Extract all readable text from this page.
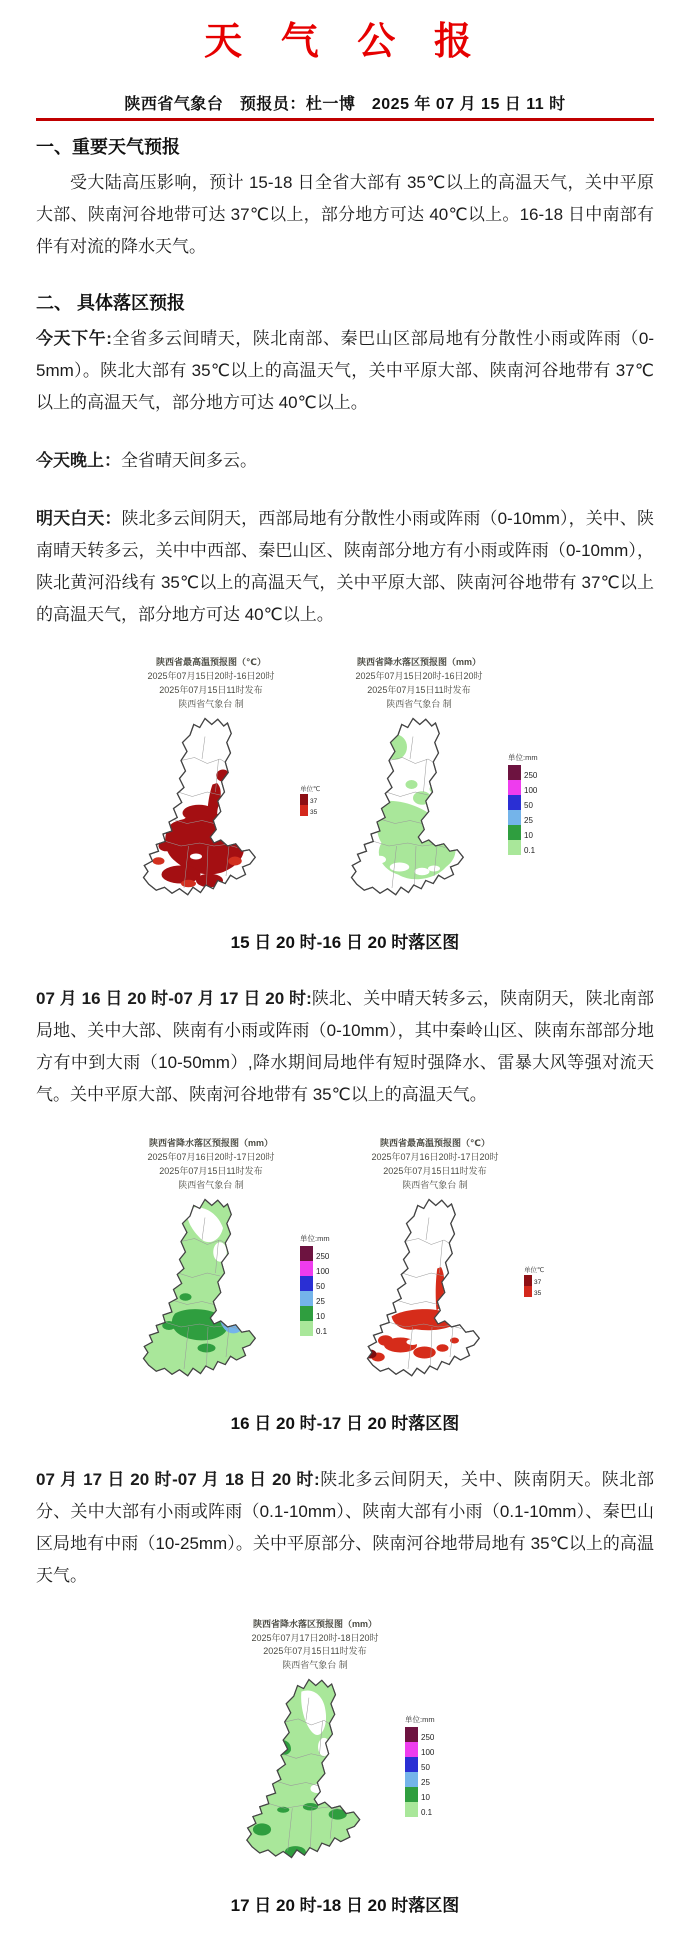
天 气 公 报

陕西省气象台　预报员：杜一博　2025 年 07 月 15 日 11 时

一、重要天气预报

受大陆高压影响，预计 15-18 日全省大部有 35℃以上的高温天气，关中平原大部、陕南河谷地带可达 37℃以上，部分地方可达 40℃以上。16-18 日中南部有伴有对流的降水天气。

二、 具体落区预报

今天下午:全省多云间晴天，陕北南部、秦巴山区部局地有分散性小雨或阵雨（0-5mm）。陕北大部有 35℃以上的高温天气，关中平原大部、陕南河谷地带有 37℃以上的高温天气，部分地方可达 40℃以上。

今天晚上：全省晴天间多云。

明天白天：陕北多云间阴天，西部局地有分散性小雨或阵雨（0-10mm），关中、陕南晴天转多云，关中中西部、秦巴山区、陕南部分地方有小雨或阵雨（0-10mm），陕北黄河沿线有 35℃以上的高温天气，关中平原大部、陕南河谷地带有 37℃以上的高温天气，部分地方可达 40℃以上。

陕西省最高温预报图（℃）
2025年07月15日20时-16日20时
2025年07月15日11时发布
陕西省气象台 制
单位℃
37
35
陕西省降水落区预报图（mm）
2025年07月15日20时-16日20时
2025年07月15日11时发布
陕西省气象台 制
单位:mm
250
100
50
25
10
0.1

15 日 20 时-16 日 20 时落区图

07 月 16 日 20 时-07 月 17 日 20 时:陕北、关中晴天转多云，陕南阴天，陕北南部局地、关中大部、陕南有小雨或阵雨（0-10mm），其中秦岭山区、陕南东部部分地方有中到大雨（10-50mm）,降水期间局地伴有短时强降水、雷暴大风等强对流天气。关中平原大部、陕南河谷地带有 35℃以上的高温天气。

陕西省降水落区预报图（mm）
2025年07月16日20时-17日20时
2025年07月15日11时发布
陕西省气象台 制
单位:mm
250
100
50
25
10
0.1
陕西省最高温预报图（℃）
2025年07月16日20时-17日20时
2025年07月15日11时发布
陕西省气象台 制
单位℃
37
35

16 日 20 时-17 日 20 时落区图

07 月 17 日 20 时-07 月 18 日 20 时:陕北多云间阴天，关中、陕南阴天。陕北部分、关中大部有小雨或阵雨（0.1-10mm）、陕南大部有小雨（0.1-10mm）、秦巴山区局地有中雨（10-25mm）。关中平原部分、陕南河谷地带局地有 35℃以上的高温天气。

陕西省降水落区预报图（mm）
2025年07月17日20时-18日20时
2025年07月15日11时发布
陕西省气象台 制
单位:mm
250
100
50
25
10
0.1

17 日 20 时-18 日 20 时落区图
